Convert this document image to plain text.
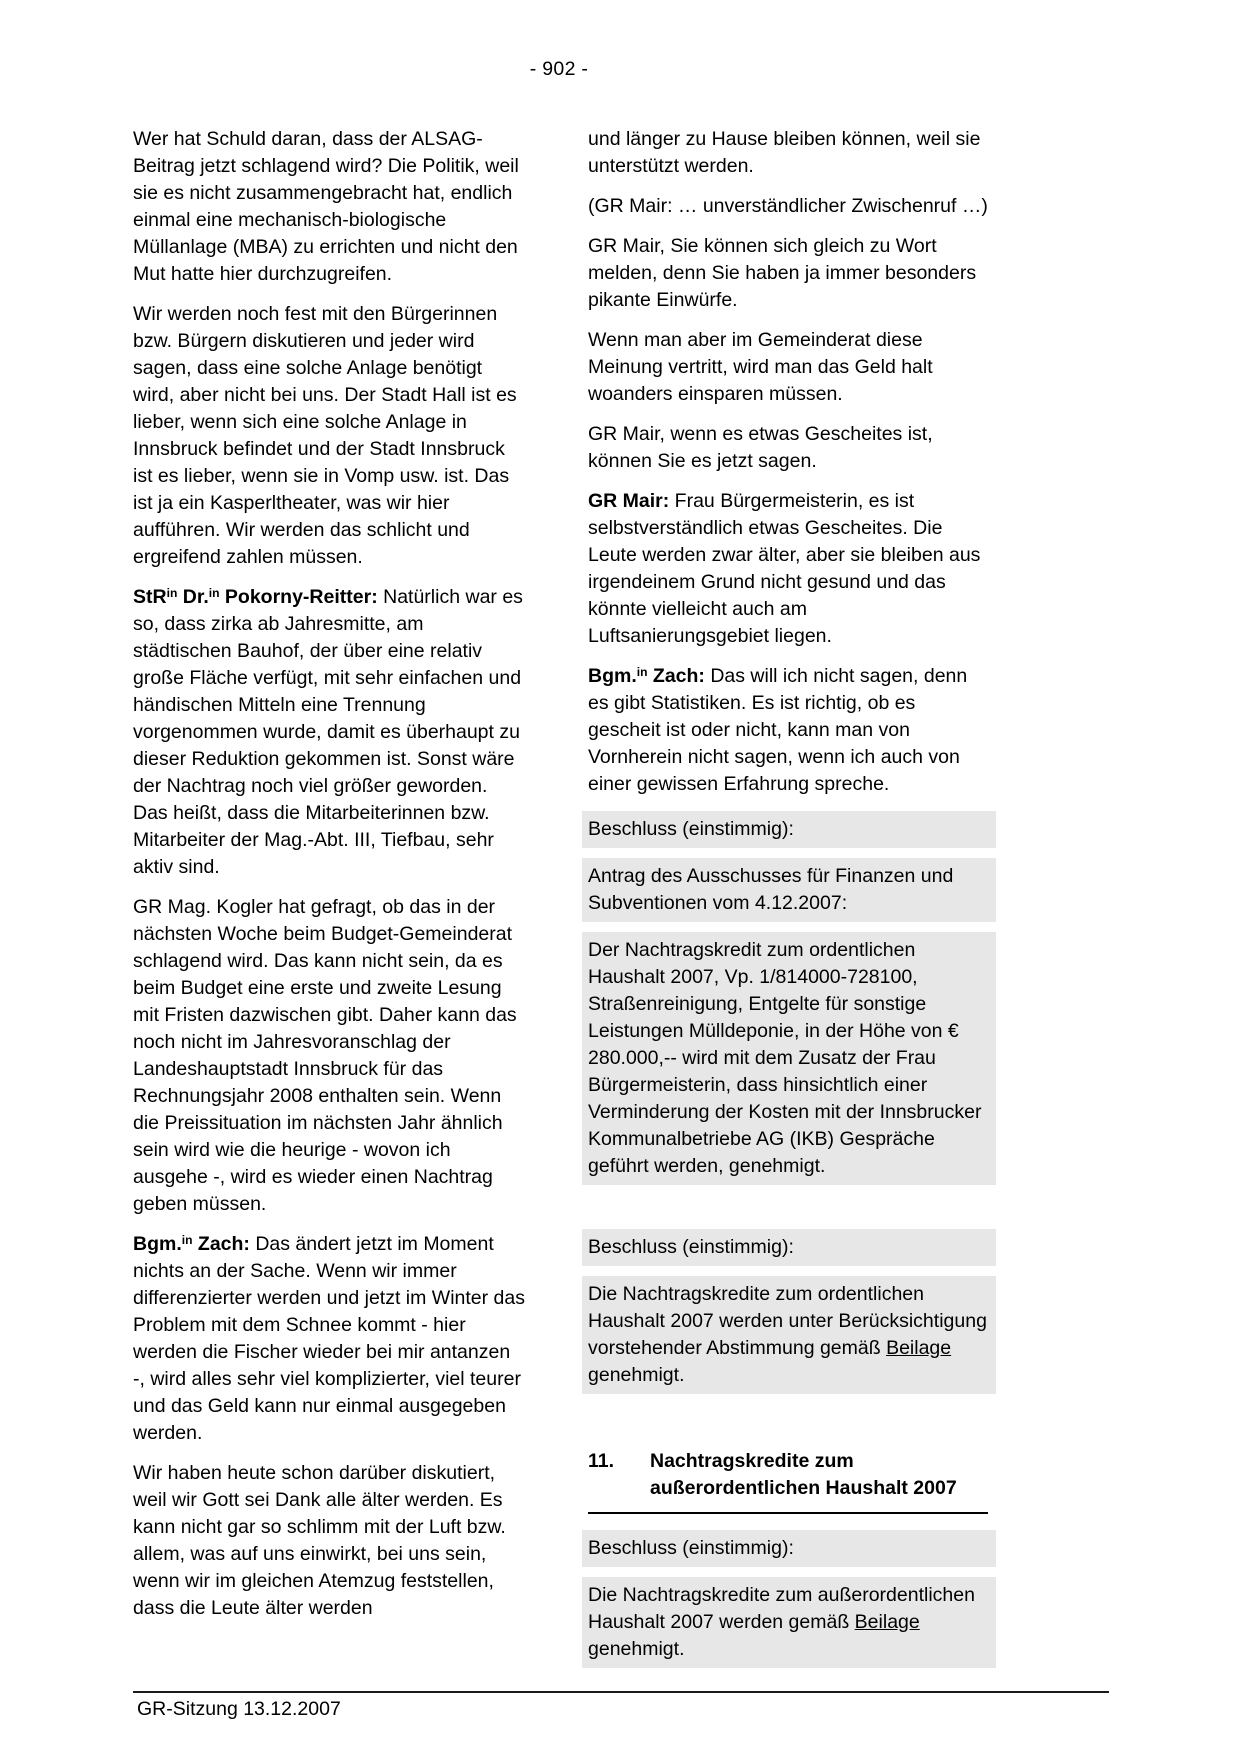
- 902 -
Wer hat Schuld daran, dass der ALSAG-Beitrag jetzt schlagend wird? Die Politik, weil sie es nicht zusammengebracht hat, endlich einmal eine mechanisch-biologische Müllanlage (MBA) zu errichten und nicht den Mut hatte hier durchzugreifen.
Wir werden noch fest mit den Bürgerinnen bzw. Bürgern diskutieren und jeder wird sagen, dass eine solche Anlage benötigt wird, aber nicht bei uns. Der Stadt Hall ist es lieber, wenn sich eine solche Anlage in Innsbruck befindet und der Stadt Innsbruck ist es lieber, wenn sie in Vomp usw. ist. Das ist ja ein Kasperltheater, was wir hier aufführen. Wir werden das schlicht und ergreifend zahlen müssen.
StR$^{in}$ Dr.$^{in}$ Pokorny-Reitter: Natürlich war es so, dass zirka ab Jahresmitte, am städtischen Bauhof, der über eine relativ große Fläche verfügt, mit sehr einfachen und händischen Mitteln eine Trennung vorgenommen wurde, damit es überhaupt zu dieser Reduktion gekommen ist. Sonst wäre der Nachtrag noch viel größer geworden. Das heißt, dass die Mitarbeiterinnen bzw. Mitarbeiter der Mag.-Abt. III, Tiefbau, sehr aktiv sind.
GR Mag. Kogler hat gefragt, ob das in der nächsten Woche beim Budget-Gemeinderat schlagend wird. Das kann nicht sein, da es beim Budget eine erste und zweite Lesung mit Fristen dazwischen gibt. Daher kann das noch nicht im Jahresvoranschlag der Landeshauptstadt Innsbruck für das Rechnungsjahr 2008 enthalten sein. Wenn die Preissituation im nächsten Jahr ähnlich sein wird wie die heurige - wovon ich ausgehe -, wird es wieder einen Nachtrag geben müssen.
Bgm.$^{in}$ Zach: Das ändert jetzt im Moment nichts an der Sache. Wenn wir immer differenzierter werden und jetzt im Winter das Problem mit dem Schnee kommt - hier werden die Fischer wieder bei mir antanzen -, wird alles sehr viel komplizierter, viel teurer und das Geld kann nur einmal ausgegeben werden.
Wir haben heute schon darüber diskutiert, weil wir Gott sei Dank alle älter werden. Es kann nicht gar so schlimm mit der Luft bzw. allem, was auf uns einwirkt, bei uns sein, wenn wir im gleichen Atemzug feststellen, dass die Leute älter werden
und länger zu Hause bleiben können, weil sie unterstützt werden.
(GR Mair: … unverständlicher Zwischenruf …)
GR Mair, Sie können sich gleich zu Wort melden, denn Sie haben ja immer besonders pikante Einwürfe.
Wenn man aber im Gemeinderat diese Meinung vertritt, wird man das Geld halt woanders einsparen müssen.
GR Mair, wenn es etwas Gescheites ist, können Sie es jetzt sagen.
GR Mair: Frau Bürgermeisterin, es ist selbstverständlich etwas Gescheites. Die Leute werden zwar älter, aber sie bleiben aus irgendeinem Grund nicht gesund und das könnte vielleicht auch am Luftsanierungsgebiet liegen.
Bgm.$^{in}$ Zach: Das will ich nicht sagen, denn es gibt Statistiken. Es ist richtig, ob es gescheit ist oder nicht, kann man von Vornherein nicht sagen, wenn ich auch von einer gewissen Erfahrung spreche.
Beschluss (einstimmig):
Antrag des Ausschusses für Finanzen und Subventionen vom 4.12.2007:
Der Nachtragskredit zum ordentlichen Haushalt 2007, Vp. 1/814000-728100, Straßenreinigung, Entgelte für sonstige Leistungen Mülldeponie, in der Höhe von € 280.000,-- wird mit dem Zusatz der Frau Bürgermeisterin, dass hinsichtlich einer Verminderung der Kosten mit der Innsbrucker Kommunalbetriebe AG (IKB) Gespräche geführt werden, genehmigt.
Beschluss (einstimmig):
Die Nachtragskredite zum ordentlichen Haushalt 2007 werden unter Berücksichtigung vorstehender Abstimmung gemäß Beilage genehmigt.
11.	Nachtragskredite zum außerordentlichen Haushalt 2007
Beschluss (einstimmig):
Die Nachtragskredite zum außerordentlichen Haushalt 2007 werden gemäß Beilage genehmigt.
GR-Sitzung 13.12.2007
